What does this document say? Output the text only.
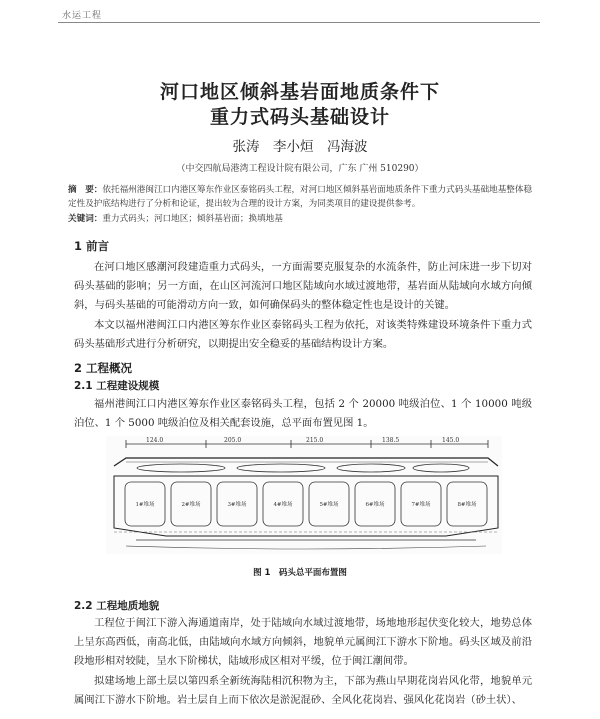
水运工程
河口地区倾斜基岩面地质条件下
重力式码头基础设计
张涛　李小烜　冯海波
（中交四航局港湾工程设计院有限公司，广东 广州 510290）
摘　要：依托福州港闽江口内港区筹东作业区泰铭码头工程，对河口地区倾斜基岩面地质条件下重力式码头基础地基整体稳定性及护底结构进行了分析和论证，提出较为合理的设计方案，为同类项目的建设提供参考。
关键词：重力式码头；河口地区；倾斜基岩面；换填地基
1 前言
在河口地区感潮河段建造重力式码头，一方面需要克服复杂的水流条件，防止河床进一步下切对码头基础的影响；另一方面，在山区河流河口地区陆域向水域过渡地带，基岩面从陆域向水域方向倾斜，与码头基础的可能滑动方向一致，如何确保码头的整体稳定性也是设计的关键。
本文以福州港闽江口内港区筹东作业区泰铭码头工程为依托，对该类特殊建设环境条件下重力式码头基础形式进行分析研究，以期提出安全稳妥的基础结构设计方案。
2 工程概况
2.1 工程建设规模
福州港闽江口内港区筹东作业区泰铭码头工程，包括 2 个 20000 吨级泊位、1 个 10000 吨级泊位、1 个 5000 吨级泊位及相关配套设施，总平面布置见图 1。
124.0	205.0	215.0	138.5	145.0
1#堆场	2#堆场	3#堆场	4#堆场	5#堆场	6#堆场	7#堆场	8#堆场
图 1　码头总平面布置图
2.2 工程地质地貌
工程位于闽江下游入海通道南岸，处于陆域向水域过渡地带，场地地形起伏变化较大，地势总体上呈东高西低，南高北低，由陆域向水域方向倾斜，地貌单元属闽江下游水下阶地。码头区域及前沿段地形相对较陡，呈水下阶梯状，陆域形成区相对平缓，位于闽江潮间带。
拟建场地上部土层以第四系全新统海陆相沉积物为主，下部为燕山早期花岗岩风化带，地貌单元属闽江下游水下阶地。岩土层自上而下依次是淤泥混砂、全风化花岗岩、强风化花岗岩（砂土状）、
